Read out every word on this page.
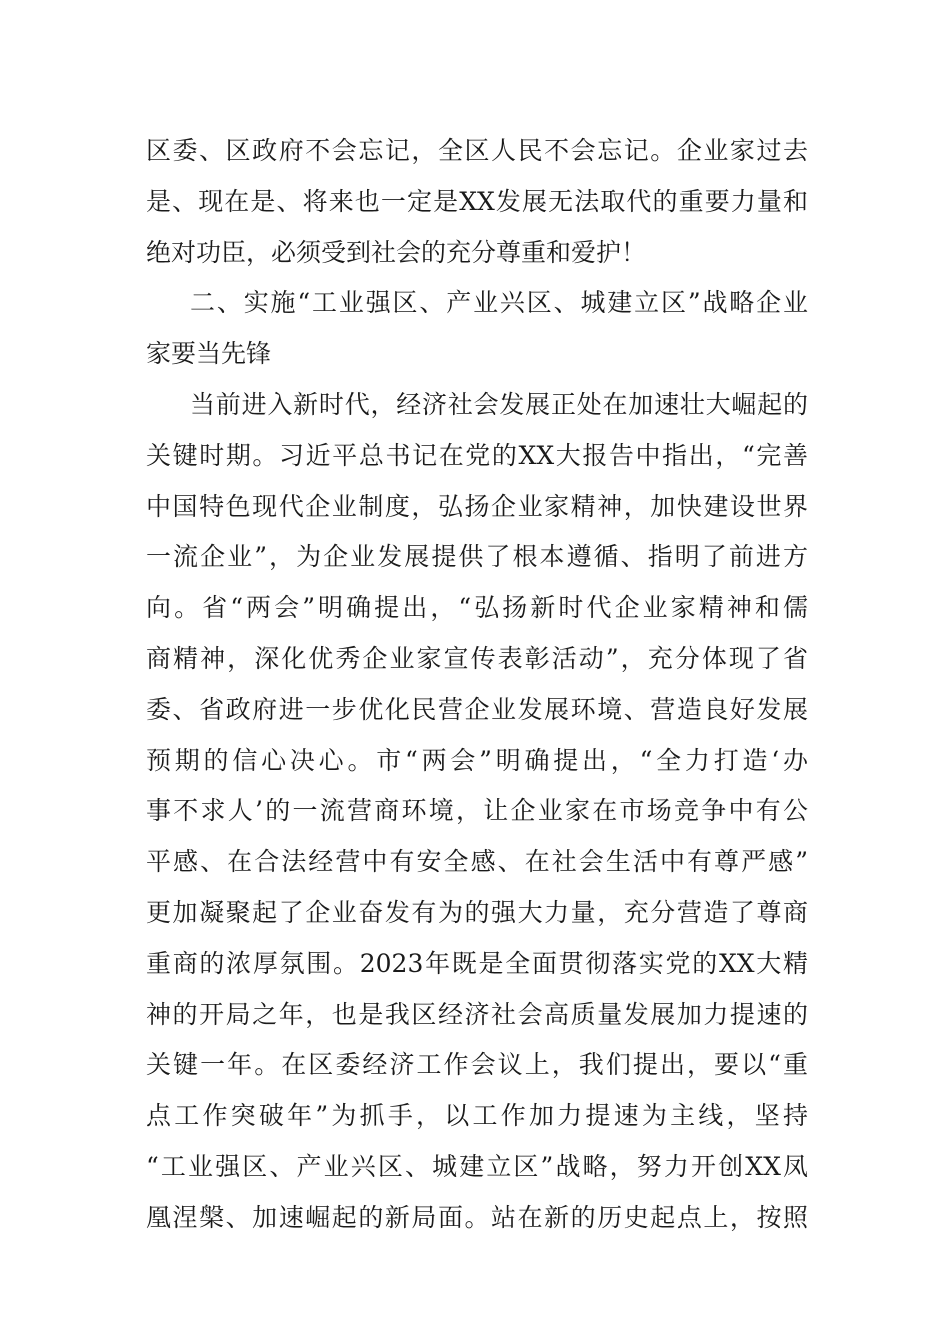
区委、区政府不会忘记，全区人民不会忘记。企业家过去
是、现在是、将来也一定是XX发展无法取代的重要力量和
绝对功臣，必须受到社会的充分尊重和爱护！
二、实施“工业强区、产业兴区、城建立区”战略企业
家要当先锋
当前进入新时代，经济社会发展正处在加速壮大崛起的
关键时期。习近平总书记在党的XX大报告中指出，“完善
中国特色现代企业制度，弘扬企业家精神，加快建设世界
一流企业”，为企业发展提供了根本遵循、指明了前进方
向。省“两会”明确提出，“弘扬新时代企业家精神和儒
商精神，深化优秀企业家宣传表彰活动”，充分体现了省
委、省政府进一步优化民营企业发展环境、营造良好发展
预期的信心决心。市“两会”明确提出，“全力打造‘办
事不求人’的一流营商环境，让企业家在市场竞争中有公
平感、在合法经营中有安全感、在社会生活中有尊严感”
更加凝聚起了企业奋发有为的强大力量，充分营造了尊商
重商的浓厚氛围。2023年既是全面贯彻落实党的XX大精
神的开局之年，也是我区经济社会高质量发展加力提速的
关键一年。在区委经济工作会议上，我们提出，要以“重
点工作突破年”为抓手，以工作加力提速为主线，坚持
“工业强区、产业兴区、城建立区”战略，努力开创XX凤
凰涅槃、加速崛起的新局面。站在新的历史起点上，按照
